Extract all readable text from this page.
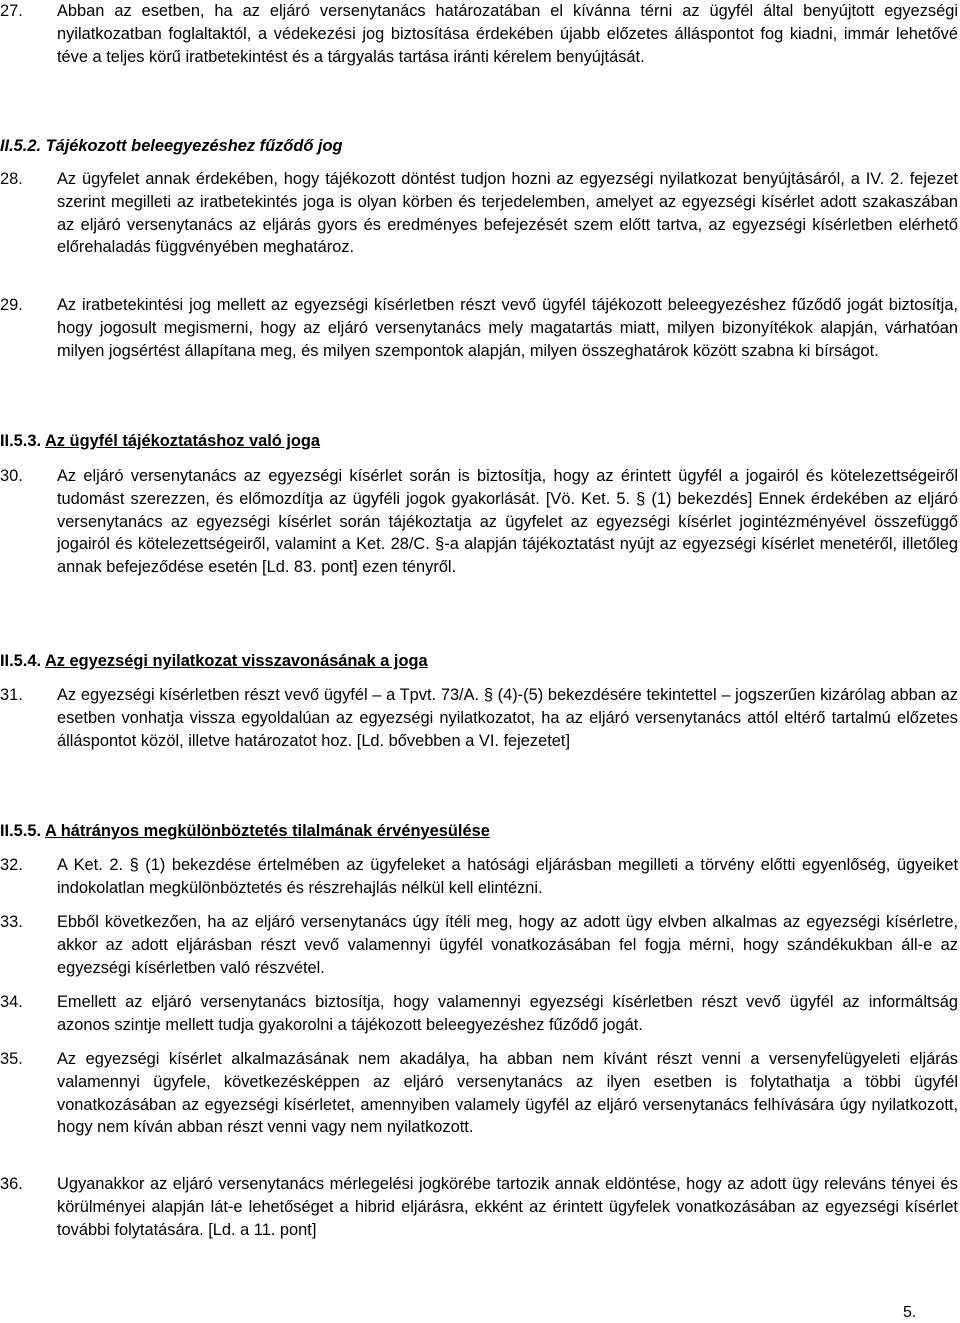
27. Abban az esetben, ha az eljáró versenytanács határozatában el kívánna térni az ügyfél által benyújtott egyezségi nyilatkozatban foglaltaktól, a védekezési jog biztosítása érdekében újabb előzetes álláspontot fog kiadni, immár lehetővé téve a teljes körű iratbetekintést és a tárgyalás tartása iránti kérelem benyújtását.
II.5.2. Tájékozott beleegyezéshez fűződő jog
28. Az ügyfelet annak érdekében, hogy tájékozott döntést tudjon hozni az egyezségi nyilatkozat benyújtásáról, a IV. 2. fejezet szerint megilleti az iratbetekintés joga is olyan körben és terjedelemben, amelyet az egyezségi kísérlet adott szakaszában az eljáró versenytanács az eljárás gyors és eredményes befejezését szem előtt tartva, az egyezségi kísérletben elérhető előrehaladás függvényében meghatároz.
29. Az iratbetekintési jog mellett az egyezségi kísérletben részt vevő ügyfél tájékozott beleegyezéshez fűződő jogát biztosítja, hogy jogosult megismerni, hogy az eljáró versenytanács mely magatartás miatt, milyen bizonyítékok alapján, várhatóan milyen jogsértést állapítana meg, és milyen szempontok alapján, milyen összeghatárok között szabna ki bírságot.
II.5.3. Az ügyfél tájékoztatáshoz való joga
30. Az eljáró versenytanács az egyezségi kísérlet során is biztosítja, hogy az érintett ügyfél a jogairól és kötelezettségeiről tudomást szerezzen, és előmozdítja az ügyféli jogok gyakorlását. [Vö. Ket. 5. § (1) bekezdés] Ennek érdekében az eljáró versenytanács az egyezségi kísérlet során tájékoztatja az ügyfelet az egyezségi kísérlet jogintézményével összefüggő jogairól és kötelezettségeiről, valamint a Ket. 28/C. §-a alapján tájékoztatást nyújt az egyezségi kísérlet menetéről, illetőleg annak befejeződése esetén [Ld. 83. pont] ezen tényről.
II.5.4. Az egyezségi nyilatkozat visszavonásának a joga
31. Az egyezségi kísérletben részt vevő ügyfél – a Tpvt. 73/A. § (4)-(5) bekezdésére tekintettel – jogszerűen kizárólag abban az esetben vonhatja vissza egyoldalúan az egyezségi nyilatkozatot, ha az eljáró versenytanács attól eltérő tartalmú előzetes álláspontot közöl, illetve határozatot hoz. [Ld. bővebben a VI. fejezetet]
II.5.5. A hátrányos megkülönböztetés tilalmának érvényesülése
32. A Ket. 2. § (1) bekezdése értelmében az ügyfeleket a hatósági eljárásban megilleti a törvény előtti egyenlőség, ügyeiket indokolatlan megkülönböztetés és részrehajlás nélkül kell elintézni.
33. Ebből következően, ha az eljáró versenytanács úgy ítéli meg, hogy az adott ügy elvben alkalmas az egyezségi kísérletre, akkor az adott eljárásban részt vevő valamennyi ügyfél vonatkozásában fel fogja mérni, hogy szándékukban áll-e az egyezségi kísérletben való részvétel.
34. Emellett az eljáró versenytanács biztosítja, hogy valamennyi egyezségi kísérletben részt vevő ügyfél az informáltság azonos szintje mellett tudja gyakorolni a tájékozott beleegyezéshez fűződő jogát.
35. Az egyezségi kísérlet alkalmazásának nem akadálya, ha abban nem kívánt részt venni a versenyfelügyeleti eljárás valamennyi ügyfele, következésképpen az eljáró versenytanács az ilyen esetben is folytathatja a többi ügyfél vonatkozásában az egyezségi kísérletet, amennyiben valamely ügyfél az eljáró versenytanács felhívására úgy nyilatkozott, hogy nem kíván abban részt venni vagy nem nyilatkozott.
36. Ugyanakkor az eljáró versenytanács mérlegelési jogkörébe tartozik annak eldöntése, hogy az adott ügy releváns tényei és körülményei alapján lát-e lehetőséget a hibrid eljárásra, ekként az érintett ügyfelek vonatkozásában az egyezségi kísérlet további folytatására. [Ld. a 11. pont]
5.
